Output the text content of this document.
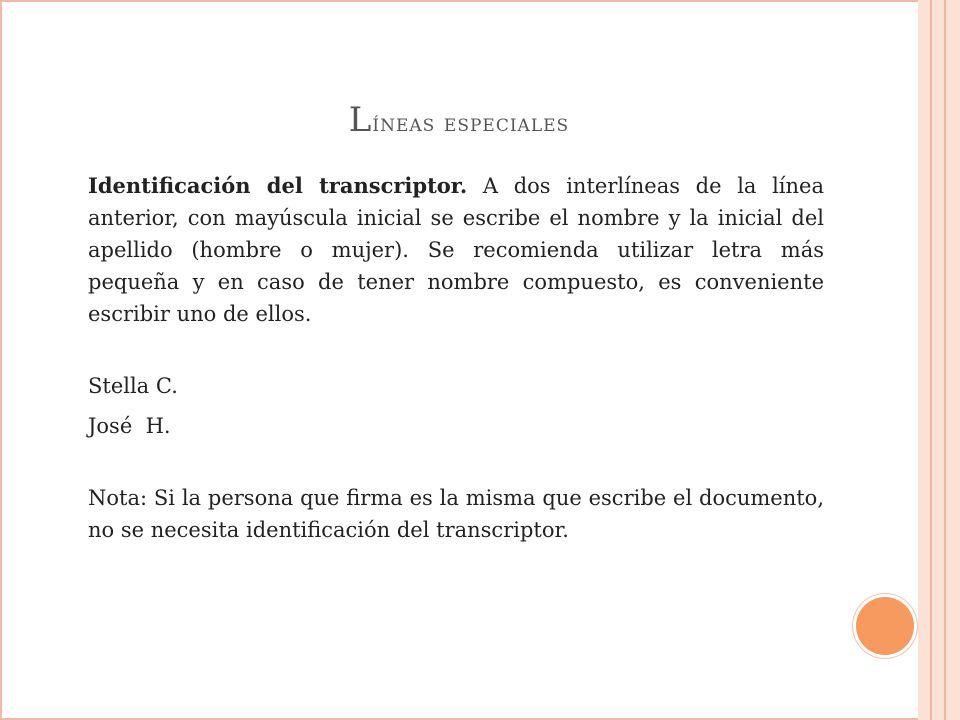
Líneas especiales

Identificación del transcriptor. A dos interlíneas de la línea anterior, con mayúscula inicial se escribe el nombre y la inicial del apellido (hombre o mujer). Se recomienda utilizar letra más pequeña y en caso de tener nombre compuesto, es conveniente escribir uno de ellos.

Stella C.

José  H.

Nota: Si la persona que firma es la misma que escribe el documento, no se necesita identificación del transcriptor.
